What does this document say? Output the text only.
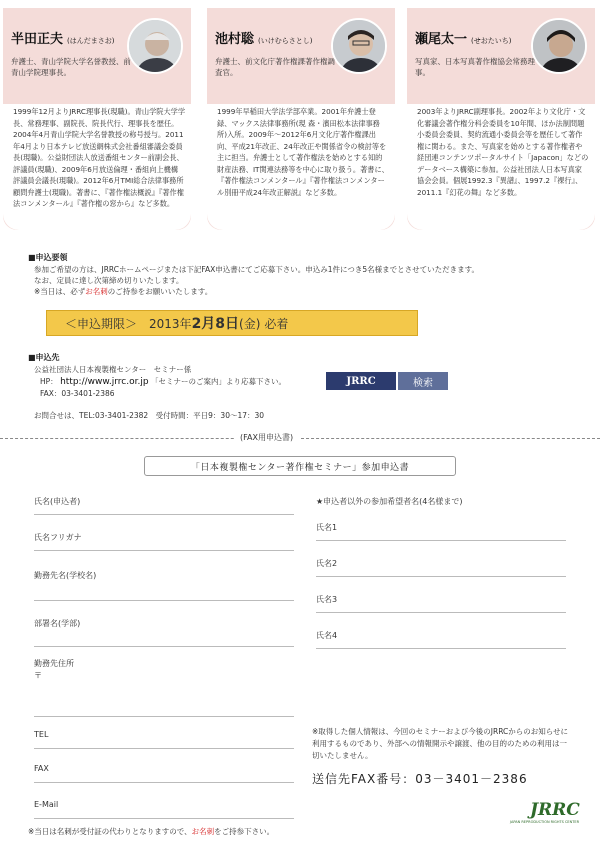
半田正夫 (はんだまさお)
弁護士、青山学院大学名誉教授、前青山学院理事長。
1999年12月よりJRRC理事長(現職)。青山学院大学学長、常務理事、副院長、院長代行、理事長を歴任。2004年4月青山学院大学名誉教授の称号授与。2011年4月より日本テレビ放送網株式会社番組審議会委員長(現職)。公益財団法人放送番組センター前副会長、評議員(現職)、2009年6月放送倫理・番組向上機構評議員会議長(現職)。2012年6月TMI総合法律事務所顧問弁護士(現職)。著書に、『著作権法概説』『著作権法コンメンタール』『著作権の窓から』など多数。
池村聡 (いけむらさとし)
弁護士、前文化庁著作権課著作権調査官。
1999年早稲田大学法学部卒業。2001年弁護士登録、マックス法律事務所(現 森・濱田松本法律事務所)入所。2009年～2012年6月文化庁著作権課出向、平成21年改正、24年改正や関係省令の検討等を主に担当。弁護士として著作権法を始めとする知的財産法務、IT関連法務等を中心に取り扱う。著書に、『著作権法コンメンタール』『著作権法コンメンタール別冊平成24年改正解説』など多数。
瀬尾太一 (せおたいち)
写真家、日本写真著作権協会常務理事。
2003年よりJRRC副理事長。2002年より文化庁・文化審議会著作権分科会委員を10年間、ほか法制問題小委員会委員、契約流通小委員会等を歴任して著作権に関わる。また、写真家を始めとする著作権者や経団連コンテンツポータルサイト「Japacon」などのデータベース構築に参加。公益社団法人日本写真家協会会員。個展1992.3『異譜』、1997.2『裸行』、2011.1『幻花の舞』など多数。
■申込要領
参加ご希望の方は、JRRCホームページまたは下記FAX申込書にてご応募下さい。申込み1件につき5名様までとさせていただきます。
なお、定員に達し次第締め切りいたします。
※当日は、必ずお名刺のご持参をお願いいたします。
＜申込期限＞ 2013年 2月8日 (金) 必着
■申込先
公益社団法人日本複製権センター　セミナー係
HP： http://www.jrrc.or.jp 「セミナーのご案内」より応募下さい。
FAX：03-3401-2386
JRRC	検索
お問合せは、TEL:03-3401-2382　受付時間：平日9：30～17：30
(FAX用申込書)
「日本複製権センター著作権セミナー」参加申込書
氏名(申込者)
氏名フリガナ
勤務先名(学校名)
部署名(学部)
勤務先住所
〒
TEL
FAX
E-Mail
★申込者以外の参加希望者名(4名様まで)
氏名1
氏名2
氏名3
氏名4
※取得した個人情報は、今回のセミナーおよび今後のJRRCからのお知らせに利用するものであり、外部への情報開示や譲渡、他の目的のための利用は一切いたしません。
送信先FAX番号：03－3401－2386
※当日は名刺が受付証の代わりとなりますので、お名刺をご持参下さい。
JRRC
JAPAN REPRODUCTION RIGHTS CENTER
